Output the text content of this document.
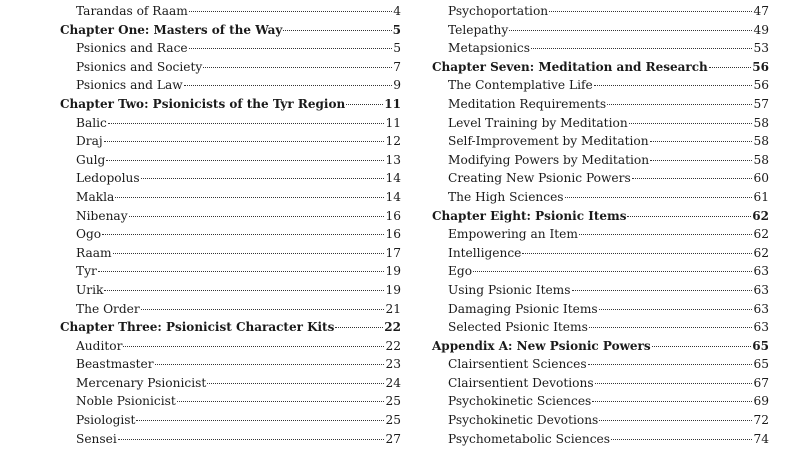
Tarandas of Raam	4
Chapter One: Masters of the Way	5
Psionics and Race	5
Psionics and Society	7
Psionics and Law	9
Chapter Two: Psionicists of the Tyr Region	11
Balic	11
Draj	12
Gulg	13
Ledopolus	14
Makla	14
Nibenay	16
Ogo	16
Raam	17
Tyr	19
Urik	19
The Order	21
Chapter Three: Psionicist Character Kits	22
Auditor	22
Beastmaster	23
Mercenary Psionicist	24
Noble Psionicist	25
Psiologist	25
Sensei	27
Psychoportation	47
Telepathy	49
Metapsionics	53
Chapter Seven: Meditation and Research	56
The Contemplative Life	56
Meditation Requirements	57
Level Training by Meditation	58
Self-Improvement by Meditation	58
Modifying Powers by Meditation	58
Creating New Psionic Powers	60
The High Sciences	61
Chapter Eight: Psionic Items	62
Empowering an Item	62
Intelligence	62
Ego	63
Using Psionic Items	63
Damaging Psionic Items	63
Selected Psionic Items	63
Appendix A: New Psionic Powers	65
Clairsentient Sciences	65
Clairsentient Devotions	67
Psychokinetic Sciences	69
Psychokinetic Devotions	72
Psychometabolic Sciences	74
